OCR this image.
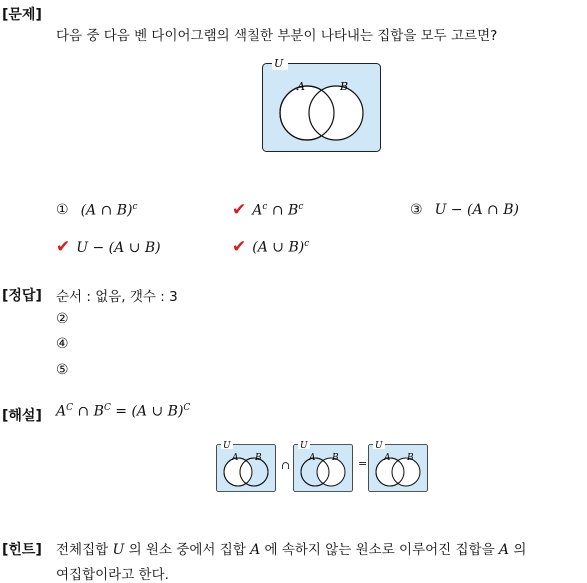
[문제]
다음 중 다음 벤 다이어그램의 색칠한 부분이 나타내는 집합을 모두 고르면?
U
A	B
① (A ∩ B)$^c$	✔ $A^c$ ∩ $B^c$	③ U − (A ∩ B)
✔ U − (A ∪ B)	✔ (A ∪ B)$^c$
[정답] 순서 : 없음, 갯수 : 3
②
④
⑤
[해설] $A^C$ ∩ $B^C = (A$ ∪ B)$^C$
U
A B
∩
U
A B =
U
A B
[힌트] 전체집합 U 의 원소 중에서 집합 A 에 속하지 않는 원소로 이루어진 집합을 A 의
여집합이라고 한다.
